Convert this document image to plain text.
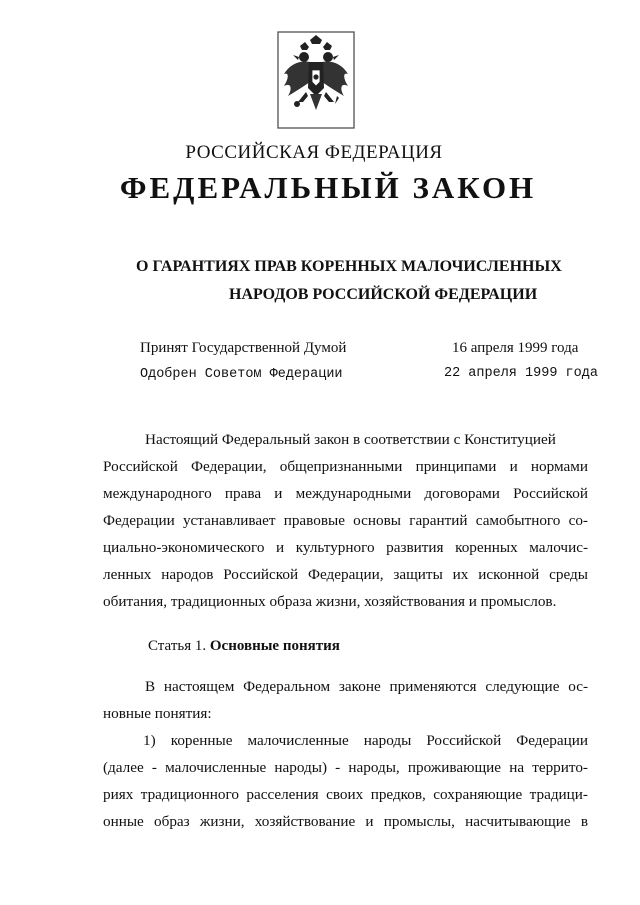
РОССИЙСКАЯ ФЕДЕРАЦИЯ
ФЕДЕРАЛЬНЫЙ ЗАКОН
О ГАРАНТИЯХ ПРАВ КОРЕННЫХ МАЛОЧИСЛЕННЫХ
НАРОДОВ РОССИЙСКОЙ ФЕДЕРАЦИИ
Принят Государственной Думой	16 апреля 1999 года
Одобрен Советом Федерации	22 апреля 1999 года
Настоящий Федеральный закон в соответствии с Конституцией
Российской Федерации, общепризнанными принципами и нормами
международного права и международными договорами Российской
Федерации устанавливает правовые основы гарантий самобытного со-
циально-экономического и культурного развития коренных малочис-
ленных народов Российской Федерации, защиты их исконной среды
обитания, традиционных образа жизни, хозяйствования и промыслов.
Статья 1. Основные понятия
В настоящем Федеральном законе применяются следующие ос-
новные понятия:
1) коренные малочисленные народы Российской Федерации
(далее - малочисленные народы) - народы, проживающие на террито-
риях традиционного расселения своих предков, сохраняющие традици-
онные образ жизни, хозяйствование и промыслы, насчитывающие в
